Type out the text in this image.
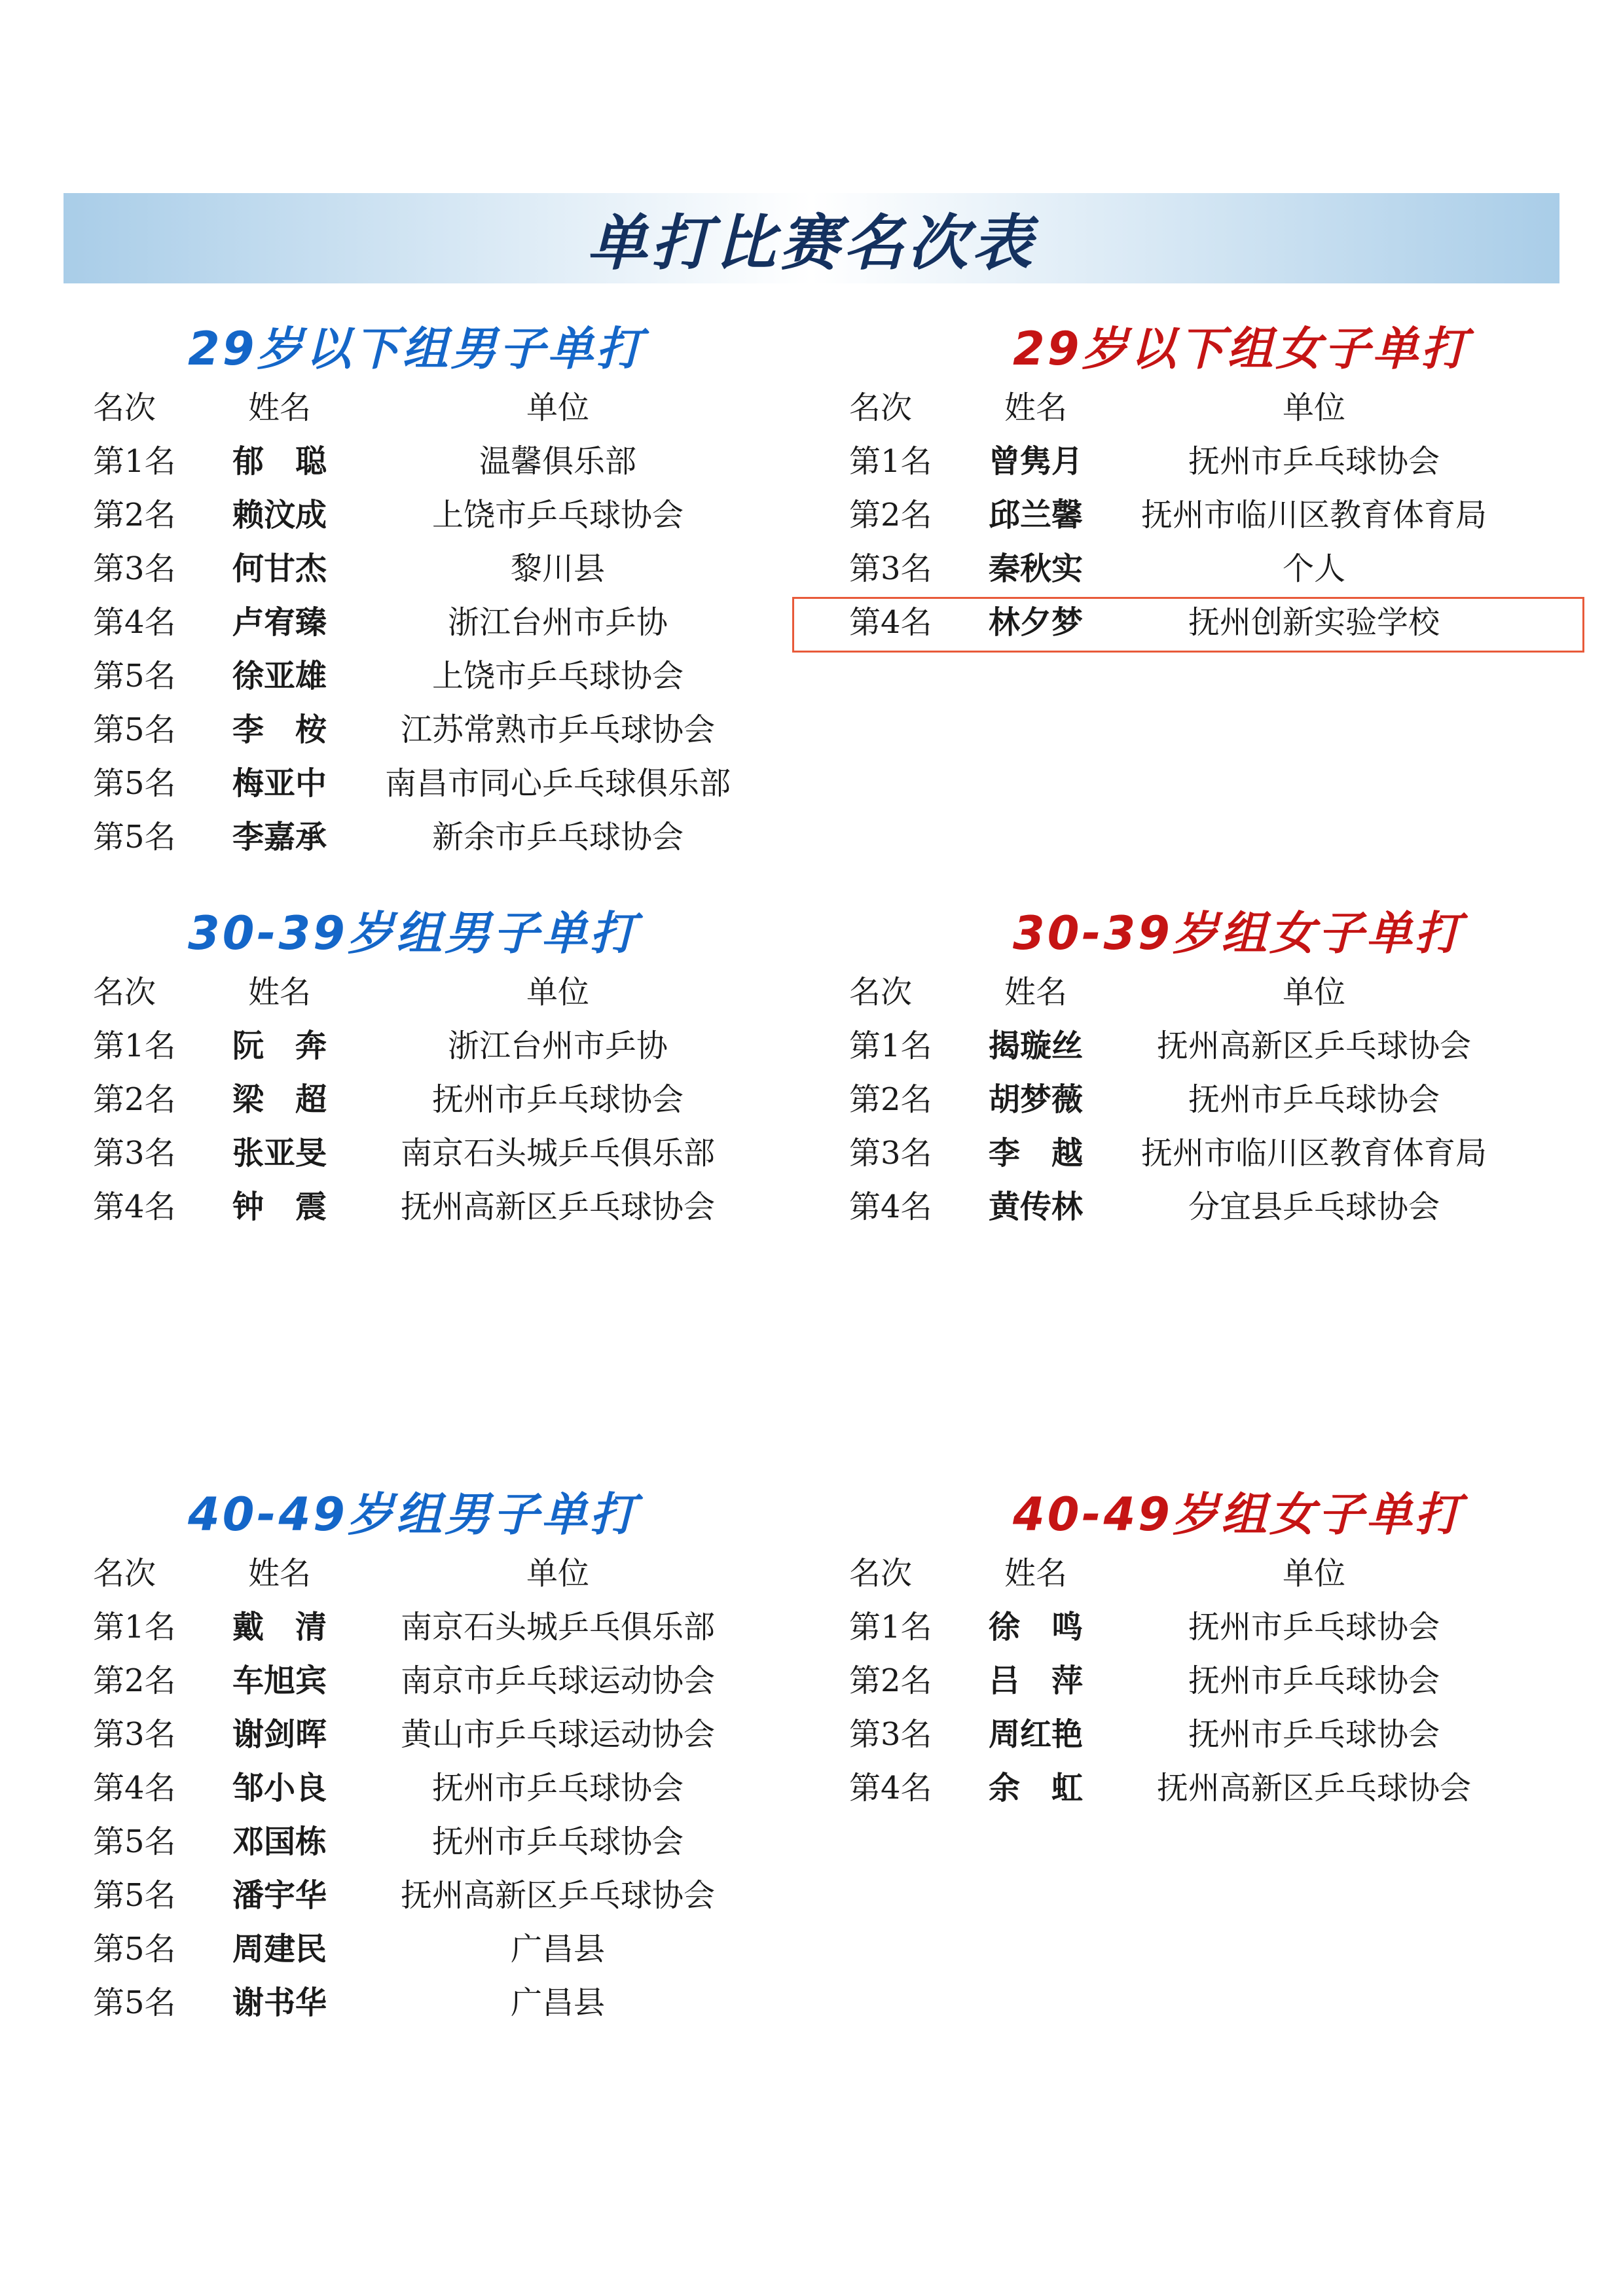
单打比赛名次表
29岁以下组男子单打
名次	姓名	单位
第1名 郁　聪	温馨俱乐部
第2名 赖汶成	上饶市乒乓球协会
第3名 何甘杰	黎川县
第4名 卢宥臻	浙江台州市乒协
第5名 徐亚雄	上饶市乒乓球协会
第5名 李　桉	江苏常熟市乒乓球协会
第5名 梅亚中	南昌市同心乒乓球俱乐部
第5名 李嘉承	新余市乒乓球协会
29岁以下组女子单打
名次	姓名	单位
第1名 曾隽月	抚州市乒乓球协会
第2名 邱兰馨	抚州市临川区教育体育局
第3名 秦秋实	个人
第4名 林夕梦	抚州创新实验学校
30-39岁组男子单打
名次	姓名	单位
第1名 阮　奔	浙江台州市乒协
第2名 梁　超	抚州市乒乓球协会
第3名 张亚旻	南京石头城乒乓俱乐部
第4名 钟　震	抚州高新区乒乓球协会
30-39岁组女子单打
名次	姓名	单位
第1名 揭璇丝	抚州高新区乒乓球协会
第2名 胡梦薇	抚州市乒乓球协会
第3名 李　越	抚州市临川区教育体育局
第4名 黄传林	分宜县乒乓球协会
40-49岁组男子单打
名次	姓名	单位
第1名 戴　清	南京石头城乒乓俱乐部
第2名 车旭宾	南京市乒乓球运动协会
第3名 谢剑晖	黄山市乒乓球运动协会
第4名 邹小良	抚州市乒乓球协会
第5名 邓国栋	抚州市乒乓球协会
第5名 潘宇华	抚州高新区乒乓球协会
第5名 周建民	广昌县
第5名 谢书华	广昌县
40-49岁组女子单打
名次	姓名	单位
第1名 徐　鸣	抚州市乒乓球协会
第2名 吕　萍	抚州市乒乓球协会
第3名 周红艳	抚州市乒乓球协会
第4名 余　虹	抚州高新区乒乓球协会
